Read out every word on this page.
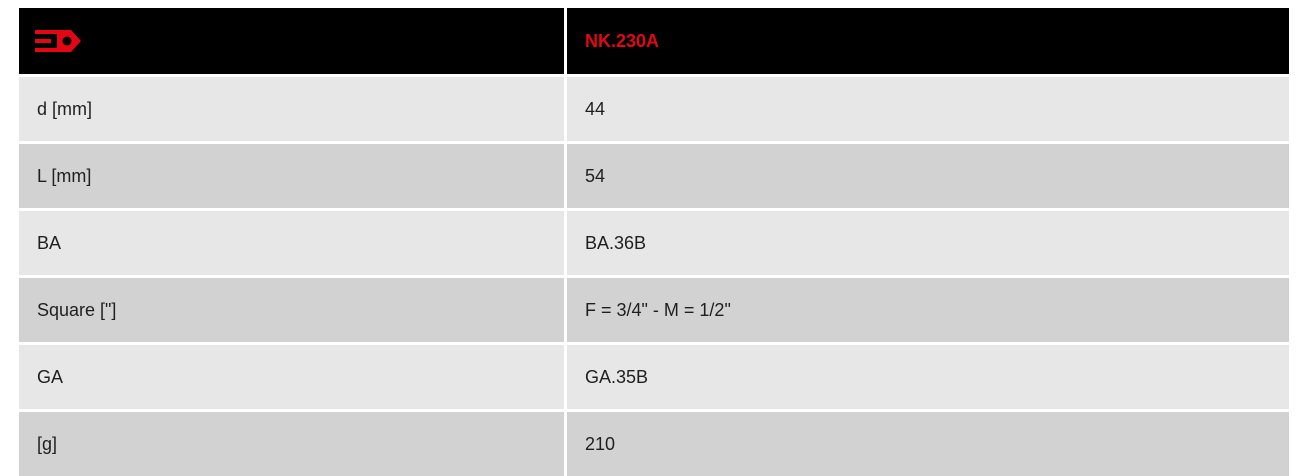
NK.230A
d [mm]	44
L [mm]	54
BA	BA.36B
Square ["]	F = 3/4" - M = 1/2"
GA	GA.35B
[g]	210
